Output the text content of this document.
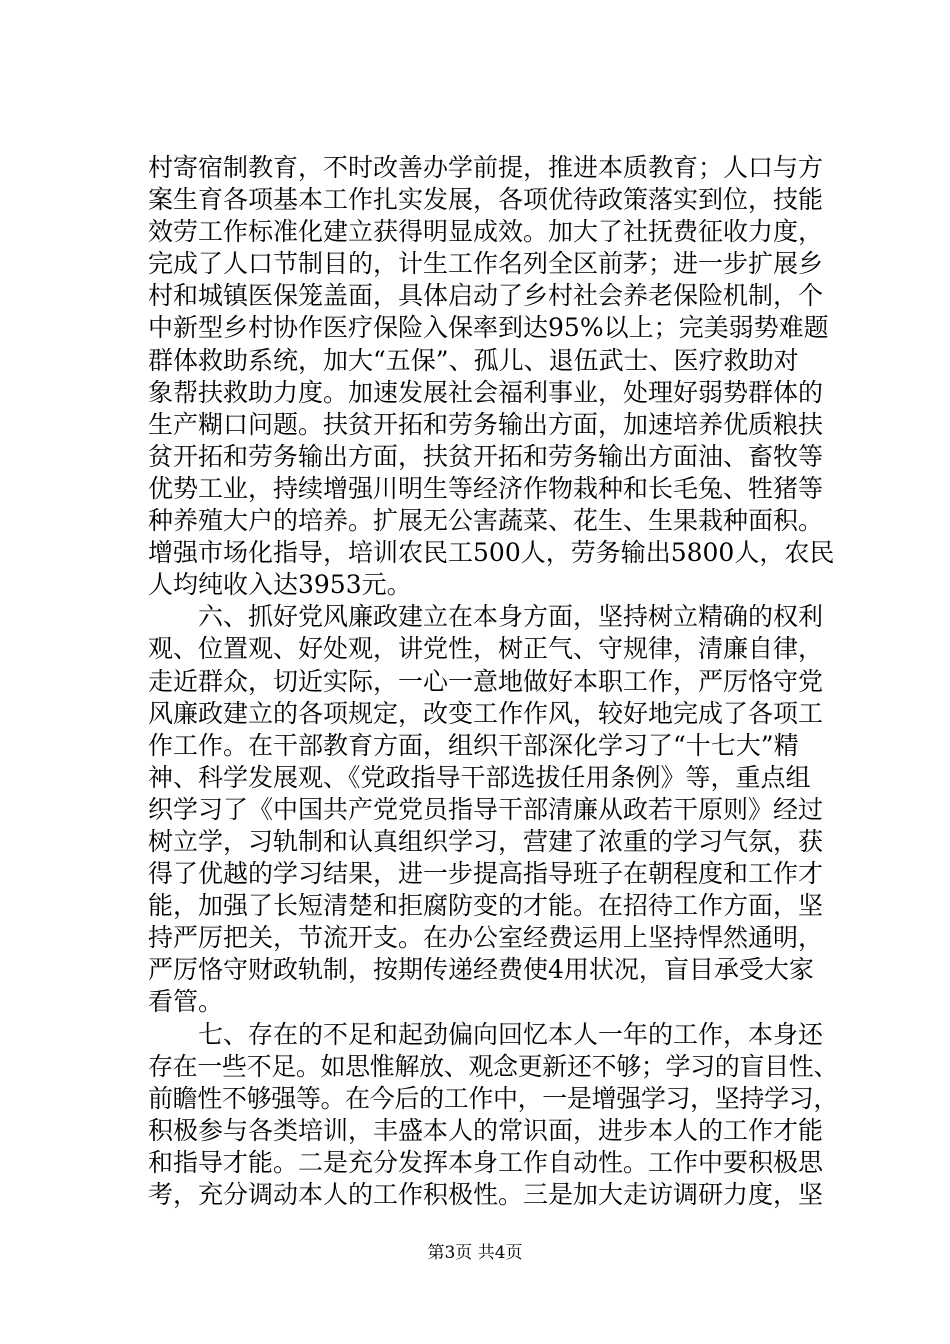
村寄宿制教育，不时改善办学前提，推进本质教育；人口与方
案生育各项基本工作扎实发展，各项优待政策落实到位，技能
效劳工作标准化建立获得明显成效。加大了社抚费征收力度，
完成了人口节制目的，计生工作名列全区前茅；进一步扩展乡
村和城镇医保笼盖面，具体启动了乡村社会养老保险机制，个
中新型乡村协作医疗保险入保率到达95%以上；完美弱势难题
群体救助系统，加大“五保”、孤儿、退伍武士、医疗救助对
象帮扶救助力度。加速发展社会福利事业，处理好弱势群体的
生产糊口问题。扶贫开拓和劳务输出方面，加速培养优质粮扶
贫开拓和劳务输出方面，扶贫开拓和劳务输出方面油、畜牧等
优势工业，持续增强川明生等经济作物栽种和长毛兔、牲猪等
种养殖大户的培养。扩展无公害蔬菜、花生、生果栽种面积。
增强市场化指导，培训农民工500人，劳务输出5800人，农民
人均纯收入达3953元。
　　六、抓好党风廉政建立在本身方面，坚持树立精确的权利
观、位置观、好处观，讲党性，树正气、守规律，清廉自律，
走近群众，切近实际，一心一意地做好本职工作，严厉恪守党
风廉政建立的各项规定，改变工作作风，较好地完成了各项工
作工作。在干部教育方面，组织干部深化学习了“十七大”精
神、科学发展观、《党政指导干部选拔任用条例》等，重点组
织学习了《中国共产党党员指导干部清廉从政若干原则》经过
树立学，习轨制和认真组织学习，营建了浓重的学习气氛，获
得了优越的学习结果，进一步提高指导班子在朝程度和工作才
能，加强了长短清楚和拒腐防变的才能。在招待工作方面，坚
持严厉把关，节流开支。在办公室经费运用上坚持悍然通明，
严厉恪守财政轨制，按期传递经费使4用状况，盲目承受大家
看管。
　　七、存在的不足和起劲偏向回忆本人一年的工作，本身还
存在一些不足。如思惟解放、观念更新还不够；学习的盲目性、
前瞻性不够强等。在今后的工作中，一是增强学习，坚持学习，
积极参与各类培训，丰盛本人的常识面，进步本人的工作才能
和指导才能。二是充分发挥本身工作自动性。工作中要积极思
考，充分调动本人的工作积极性。三是加大走访调研力度，坚
第3页 共4页
